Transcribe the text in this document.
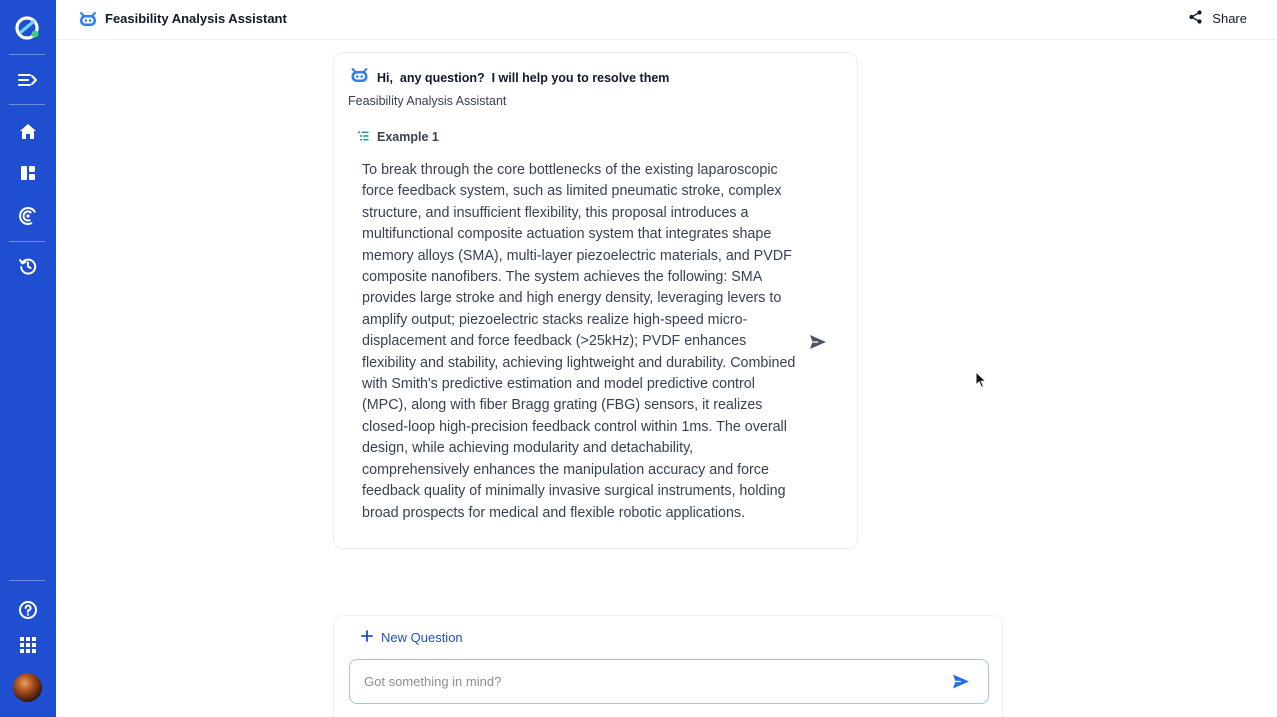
Feasibility Analysis Assistant	Share
Hi,  any question?  I will help you to resolve them
Feasibility Analysis Assistant
Example 1

To break through the core bottlenecks of the existing laparoscopic force feedback system, such as limited pneumatic stroke, complex structure, and insufficient flexibility, this proposal introduces a multifunctional composite actuation system that integrates shape memory alloys (SMA), multi-layer piezoelectric materials, and PVDF composite nanofibers. The system achieves the following: SMA provides large stroke and high energy density, leveraging levers to amplify output; piezoelectric stacks realize high-speed micro-displacement and force feedback (>25kHz); PVDF enhances flexibility and stability, achieving lightweight and durability. Combined with Smith's predictive estimation and model predictive control (MPC), along with fiber Bragg grating (FBG) sensors, it realizes closed-loop high-precision feedback control within 1ms. The overall design, while achieving modularity and detachability, comprehensively enhances the manipulation accuracy and force feedback quality of minimally invasive surgical instruments, holding broad prospects for medical and flexible robotic applications.

New Question
Got something in mind?
